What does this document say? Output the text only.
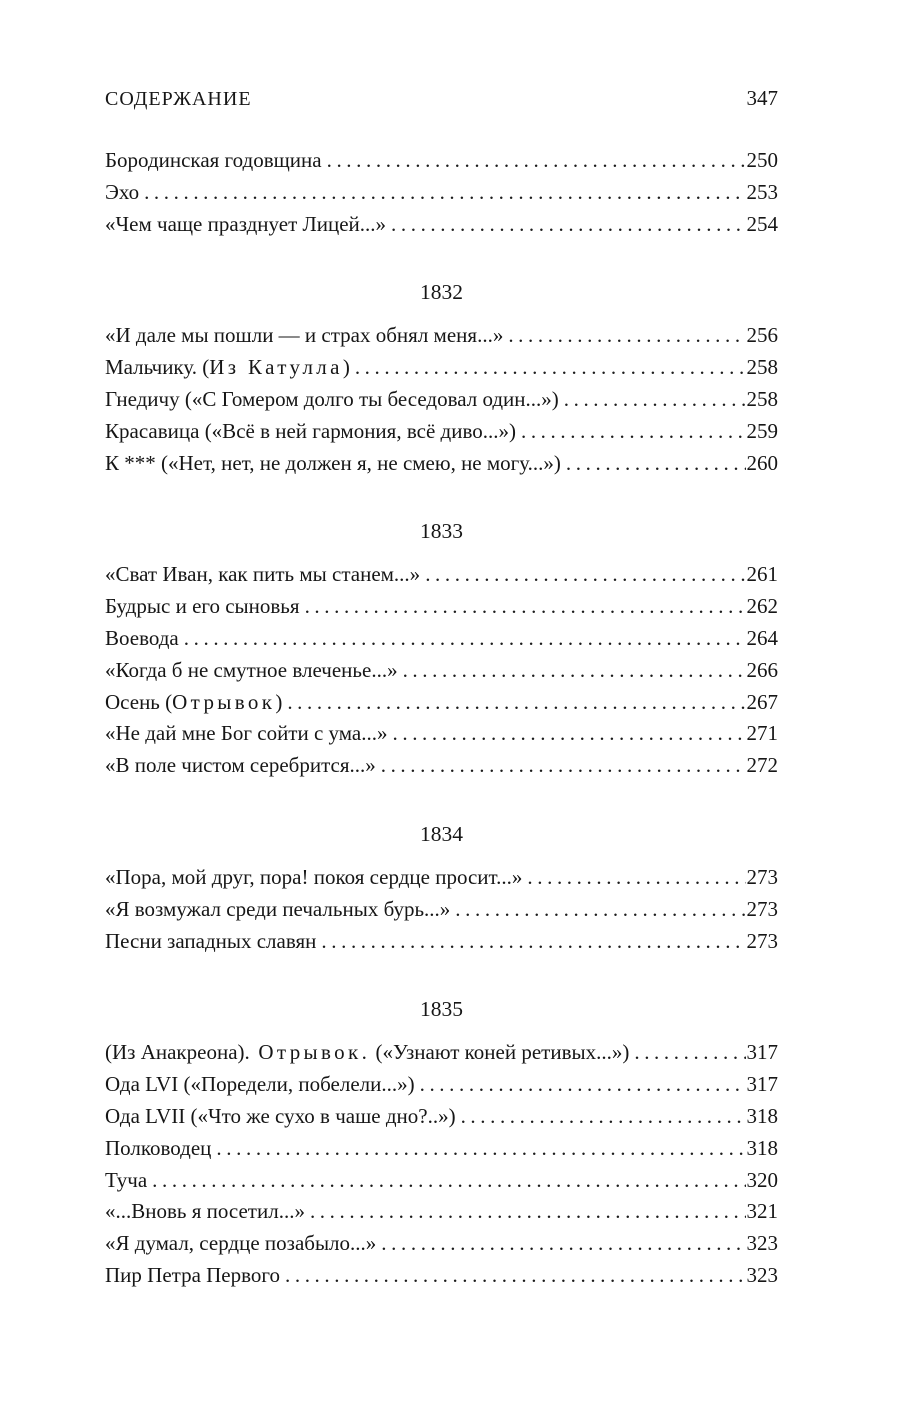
СОДЕРЖАНИЕ	347
Бородинская годовщина .....	250
Эхо .....	253
«Чем чаще празднует Лицей...» .....	254
1832
«И дале мы пошли — и страх обнял меня...» .....	256
Мальчику. (Из Катулла) .....	258
Гнедичу («С Гомером долго ты беседовал один...») .....	258
Красавица («Всё в ней гармония, всё диво...») .....	259
К *** («Нет, нет, не должен я, не смею, не могу...») .....	260
1833
«Сват Иван, как пить мы станем...» .....	261
Будрыс и его сыновья .....	262
Воевода .....	264
«Когда б не смутное влеченье...» .....	266
Осень (Отрывок) .....	267
«Не дай мне Бог сойти с ума...» .....	271
«В поле чистом серебрится...» .....	272
1834
«Пора, мой друг, пора! покоя сердце просит...» .....	273
«Я возмужал среди печальных бурь...» .....	273
Песни западных славян .....	273
1835
(Из Анакреона). Отрывок. («Узнают коней ретивых...») .....	317
Ода LVI («Поредели, побелели...») .....	317
Ода LVII («Что же сухо в чаше дно?..») .....	318
Полководец .....	318
Туча .....	320
«...Вновь я посетил...» .....	321
«Я думал, сердце позабыло...» .....	323
Пир Петра Первого .....	323
